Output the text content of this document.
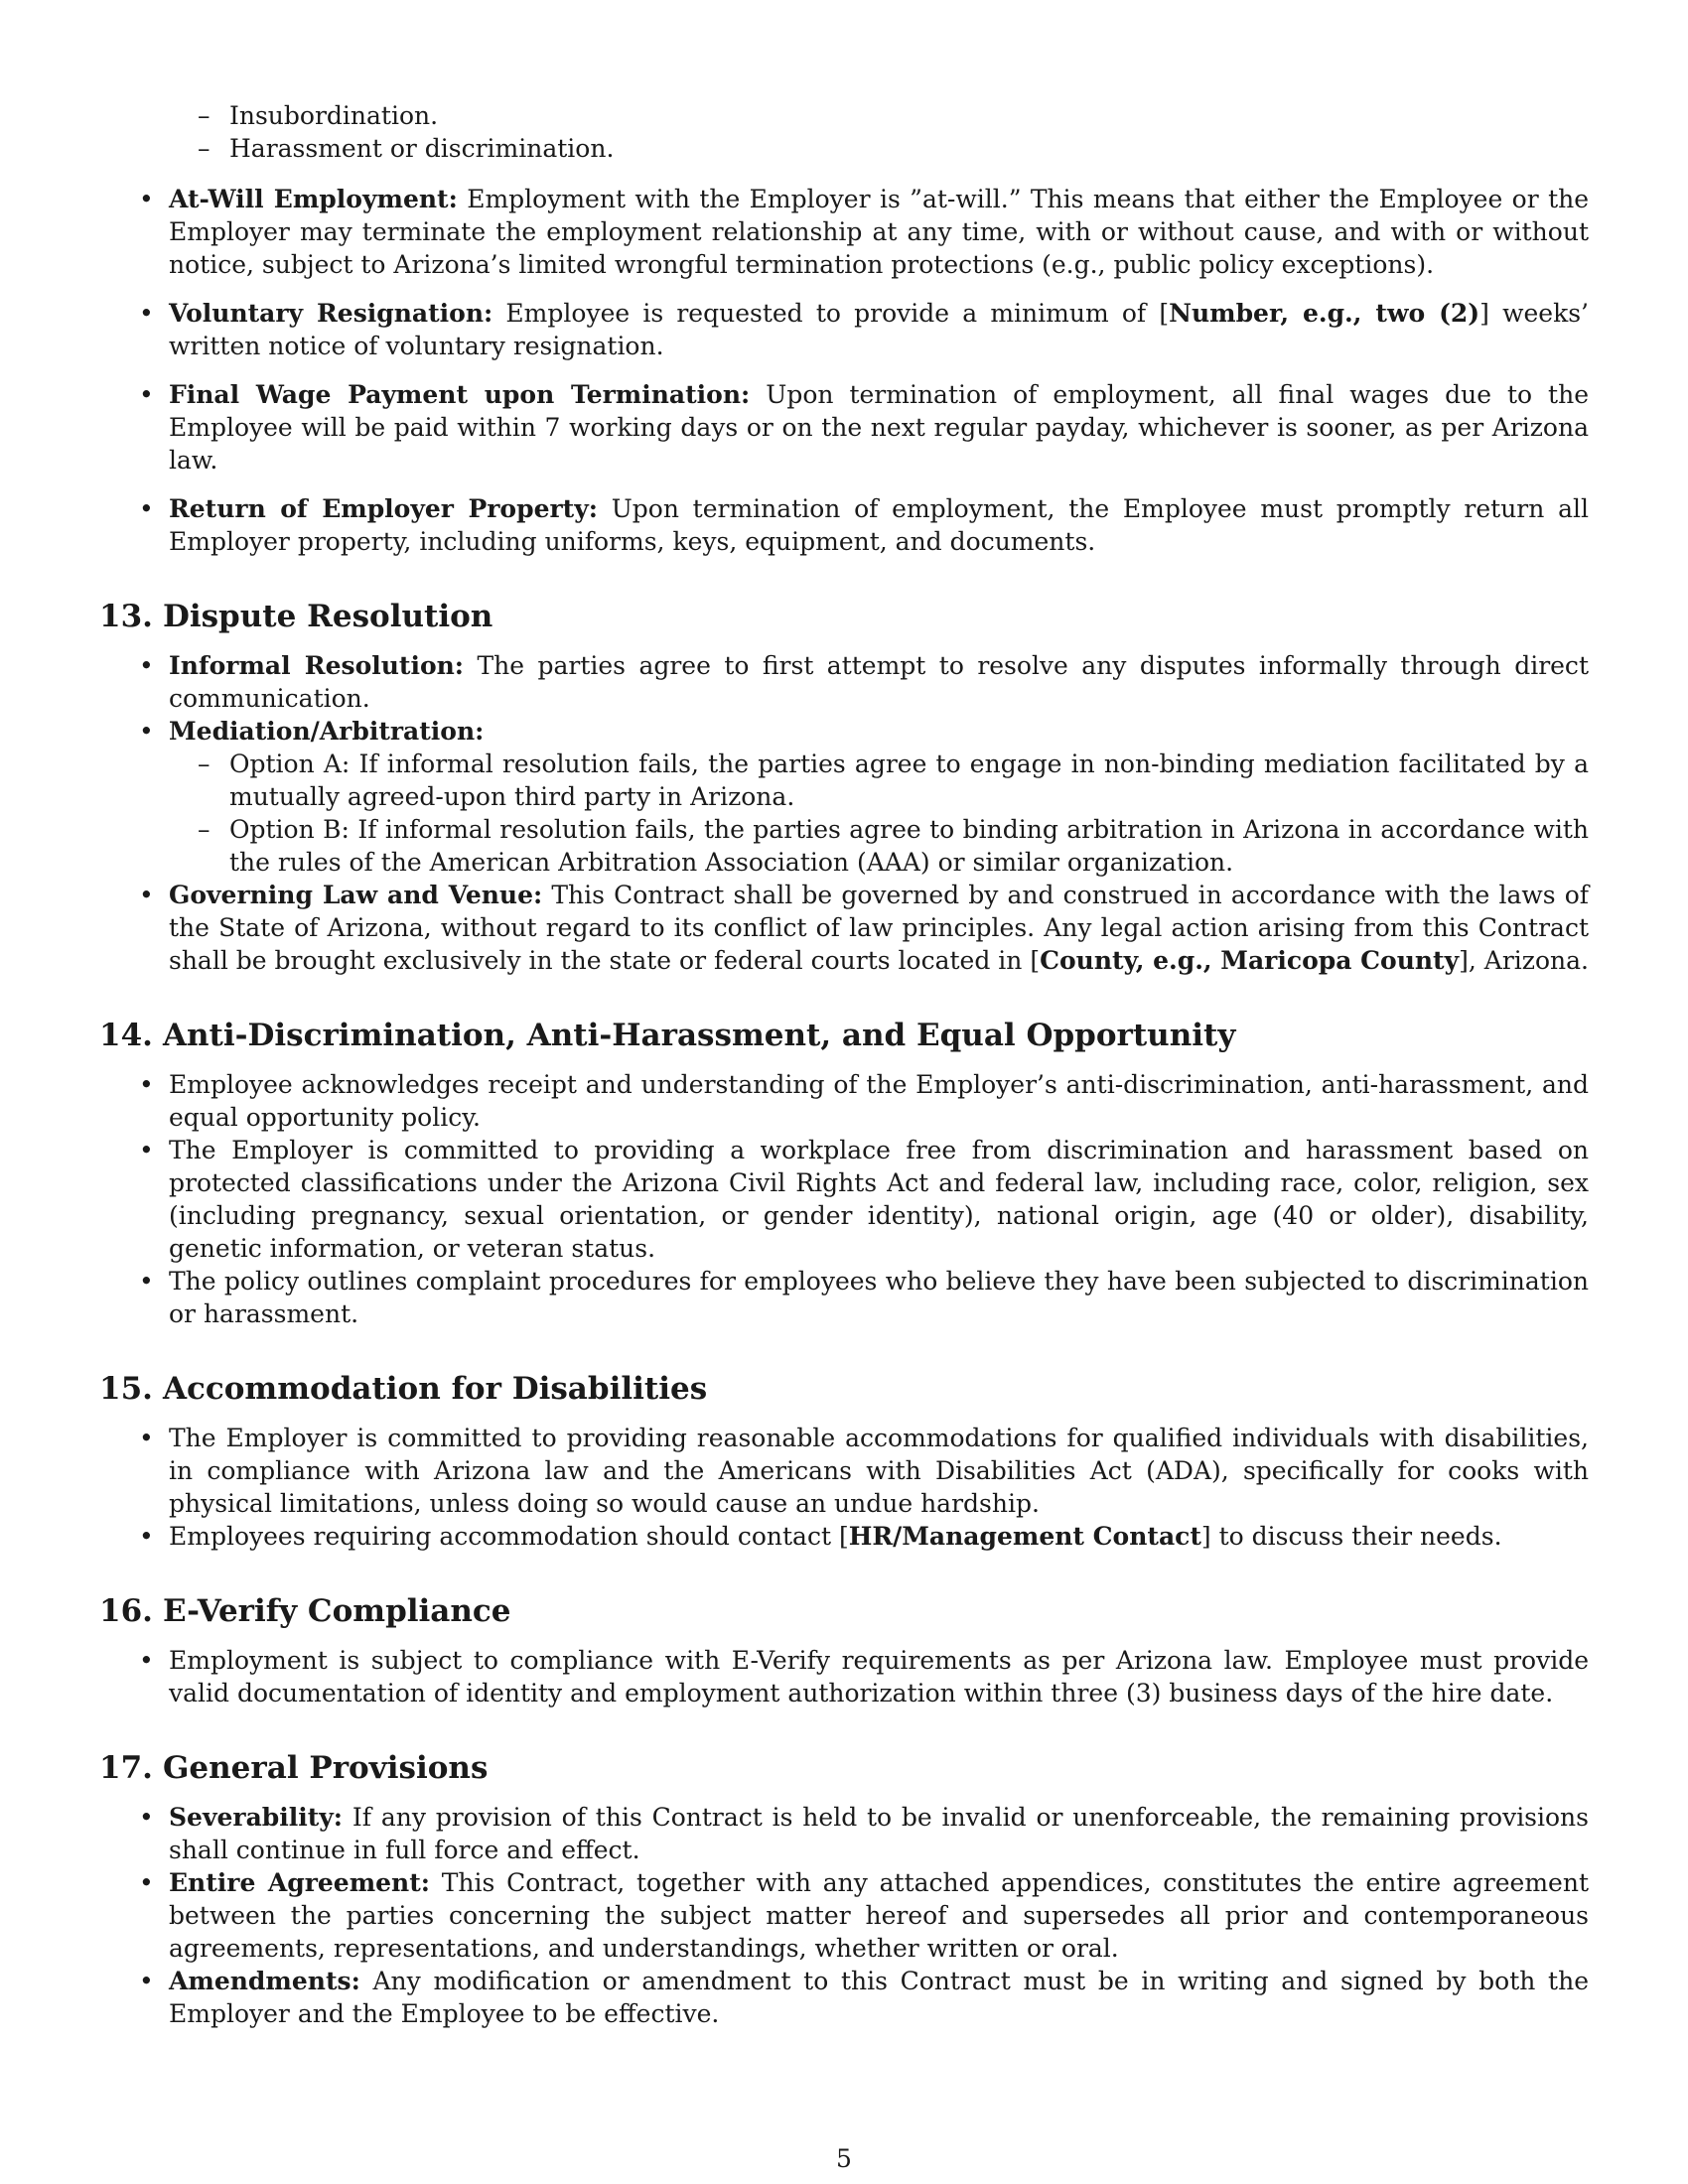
– Insubordination.
– Harassment or discrimination.
• At-Will Employment: Employment with the Employer is ”at-will.” This means that either the Employee or the Employer may terminate the employment relationship at any time, with or without cause, and with or without notice, subject to Arizona’s limited wrongful termination protections (e.g., public policy exceptions).
• Voluntary Resignation: Employee is requested to provide a minimum of [Number, e.g., two (2)] weeks’ written notice of voluntary resignation.
• Final Wage Payment upon Termination: Upon termination of employment, all final wages due to the Employee will be paid within 7 working days or on the next regular payday, whichever is sooner, as per Arizona law.
• Return of Employer Property: Upon termination of employment, the Employee must promptly return all Employer property, including uniforms, keys, equipment, and documents.
13. Dispute Resolution
• Informal Resolution: The parties agree to first attempt to resolve any disputes informally through direct communication.
• Mediation/Arbitration:
– Option A: If informal resolution fails, the parties agree to engage in non-binding mediation facilitated by a mutually agreed-upon third party in Arizona.
– Option B: If informal resolution fails, the parties agree to binding arbitration in Arizona in accordance with the rules of the American Arbitration Association (AAA) or similar organization.
• Governing Law and Venue: This Contract shall be governed by and construed in accordance with the laws of the State of Arizona, without regard to its conflict of law principles. Any legal action arising from this Contract shall be brought exclusively in the state or federal courts located in [County, e.g., Maricopa County], Arizona.
14. Anti-Discrimination, Anti-Harassment, and Equal Opportunity
• Employee acknowledges receipt and understanding of the Employer’s anti-discrimination, anti-harassment, and equal opportunity policy.
• The Employer is committed to providing a workplace free from discrimination and harassment based on protected classifications under the Arizona Civil Rights Act and federal law, including race, color, religion, sex (including pregnancy, sexual orientation, or gender identity), national origin, age (40 or older), disability, genetic information, or veteran status.
• The policy outlines complaint procedures for employees who believe they have been subjected to discrimination or harassment.
15. Accommodation for Disabilities
• The Employer is committed to providing reasonable accommodations for qualified individuals with disabilities, in compliance with Arizona law and the Americans with Disabilities Act (ADA), specifically for cooks with physical limitations, unless doing so would cause an undue hardship.
• Employees requiring accommodation should contact [HR/Management Contact] to discuss their needs.
16. E-Verify Compliance
• Employment is subject to compliance with E-Verify requirements as per Arizona law. Employee must provide valid documentation of identity and employment authorization within three (3) business days of the hire date.
17. General Provisions
• Severability: If any provision of this Contract is held to be invalid or unenforceable, the remaining provisions shall continue in full force and effect.
• Entire Agreement: This Contract, together with any attached appendices, constitutes the entire agreement between the parties concerning the subject matter hereof and supersedes all prior and contemporaneous agreements, representations, and understandings, whether written or oral.
• Amendments: Any modification or amendment to this Contract must be in writing and signed by both the Employer and the Employee to be effective.
5
